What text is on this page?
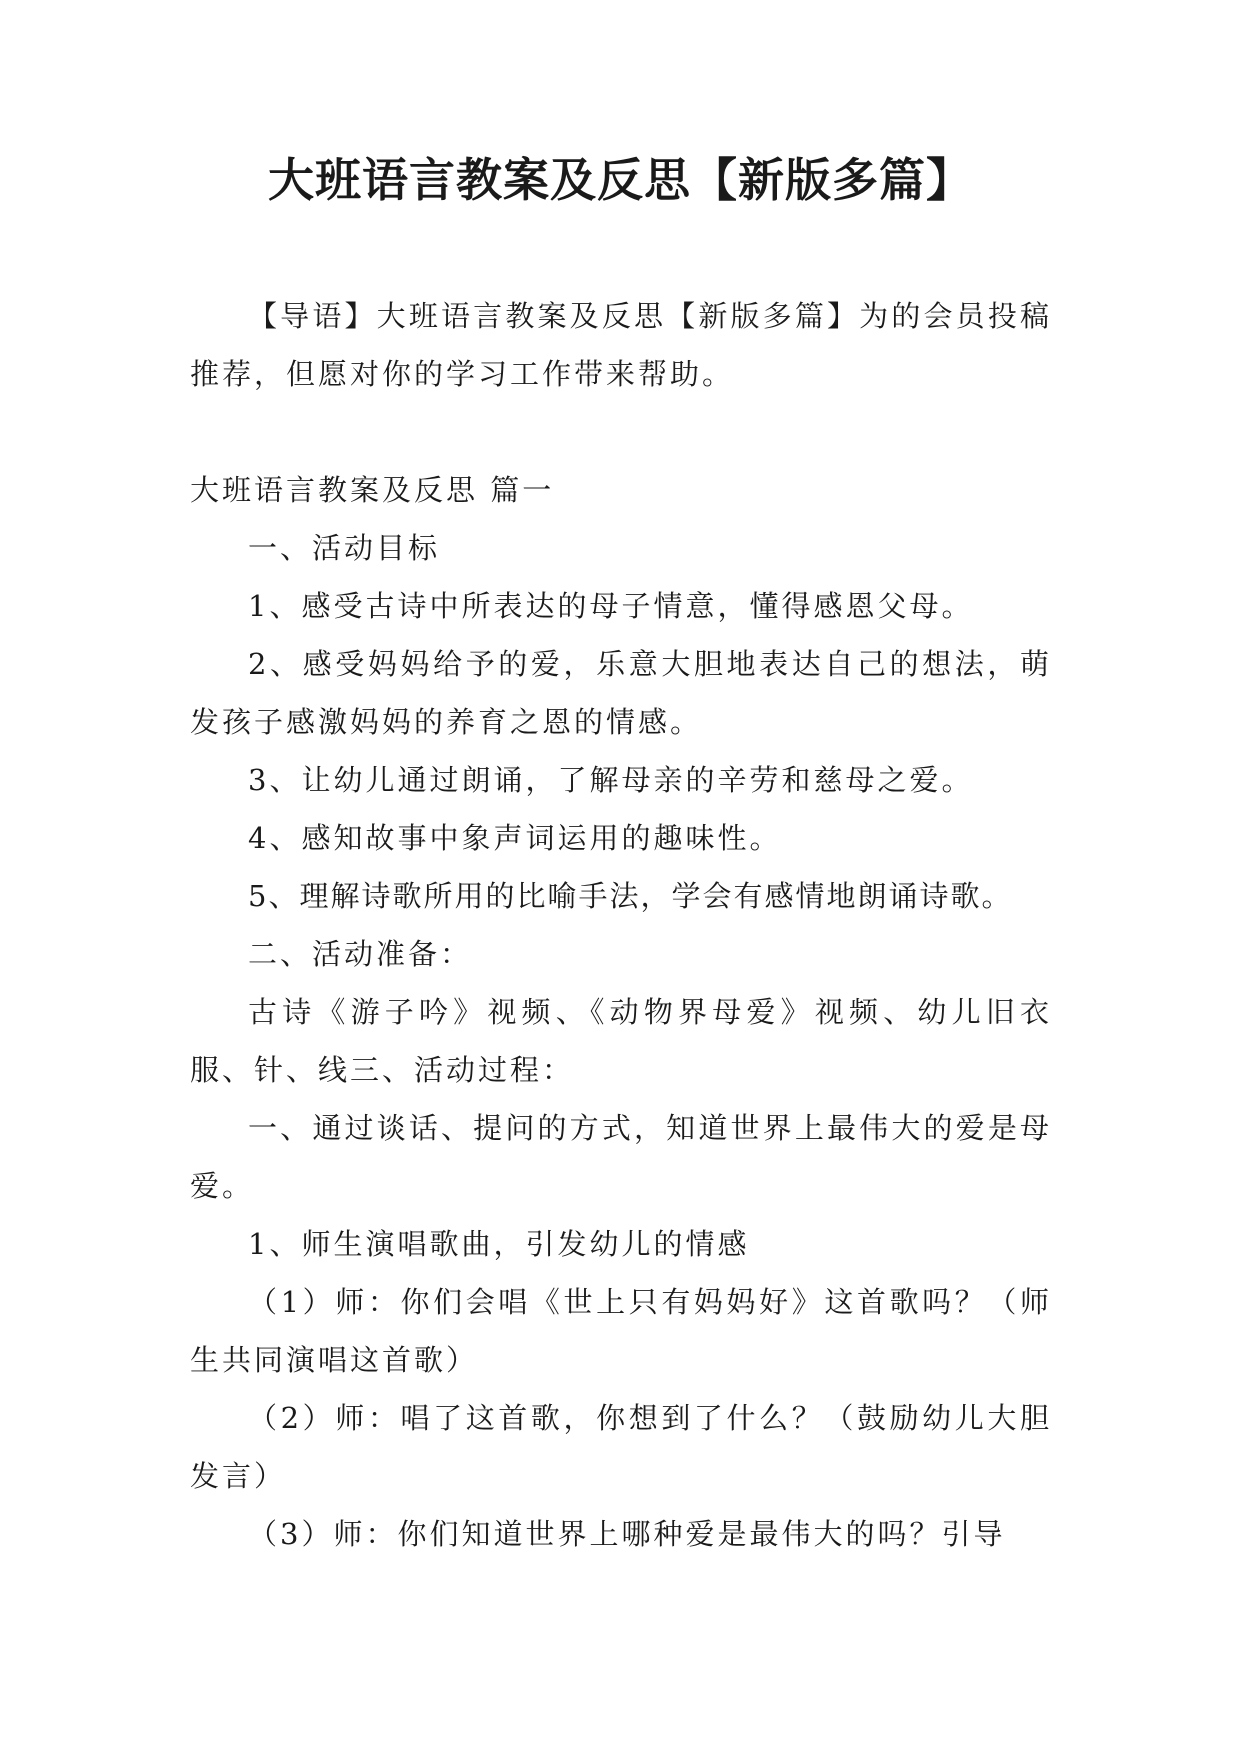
大班语言教案及反思【新版多篇】

【导语】大班语言教案及反思【新版多篇】为的会员投稿推荐，但愿对你的学习工作带来帮助。

大班语言教案及反思 篇一

一、活动目标

1、感受古诗中所表达的母子情意，懂得感恩父母。

2、感受妈妈给予的爱，乐意大胆地表达自己的想法，萌发孩子感激妈妈的养育之恩的情感。

3、让幼儿通过朗诵，了解母亲的辛劳和慈母之爱。

4、感知故事中象声词运用的趣味性。

5、理解诗歌所用的比喻手法，学会有感情地朗诵诗歌。

二、活动准备：

古诗《游子吟》视频、《动物界母爱》视频、幼儿旧衣服、针、线三、活动过程：

一、通过谈话、提问的方式，知道世界上最伟大的爱是母爱。

1、师生演唱歌曲，引发幼儿的情感

（1）师：你们会唱《世上只有妈妈好》这首歌吗？（师生共同演唱这首歌）

（2）师：唱了这首歌，你想到了什么？（鼓励幼儿大胆发言）

（3）师：你们知道世界上哪种爱是最伟大的吗？引导
